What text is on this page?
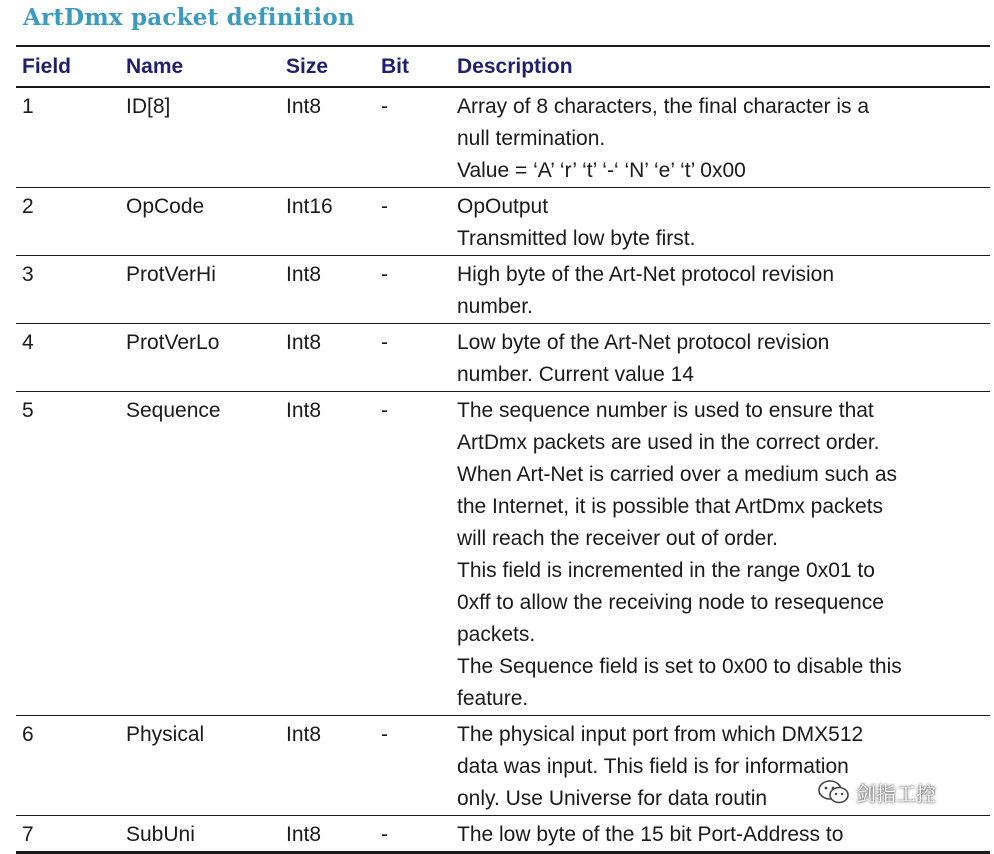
ArtDmx packet definition
Field	Name	Size	Bit	Description
1	ID[8]	Int8	-	Array of 8 characters, the final character is a
null termination.
Value = ‘A’ ‘r’ ‘t’ ‘-‘ ‘N’ ‘e’ ‘t’ 0x00
2	OpCode	Int16	-	OpOutput
Transmitted low byte first.
3	ProtVerHi	Int8	-	High byte of the Art-Net protocol revision
number.
4	ProtVerLo	Int8	-	Low byte of the Art-Net protocol revision
number. Current value 14
5	Sequence	Int8	-	The sequence number is used to ensure that
ArtDmx packets are used in the correct order.
When Art-Net is carried over a medium such as
the Internet, it is possible that ArtDmx packets
will reach the receiver out of order.
This field is incremented in the range 0x01 to
0xff to allow the receiving node to resequence
packets.
The Sequence field is set to 0x00 to disable this
feature.
6	Physical	Int8	-	The physical input port from which DMX512
data was input. This field is for information
only. Use Universe for data routin
7	SubUni	Int8	-	The low byte of the 15 bit Port-Address to
剑指工控
